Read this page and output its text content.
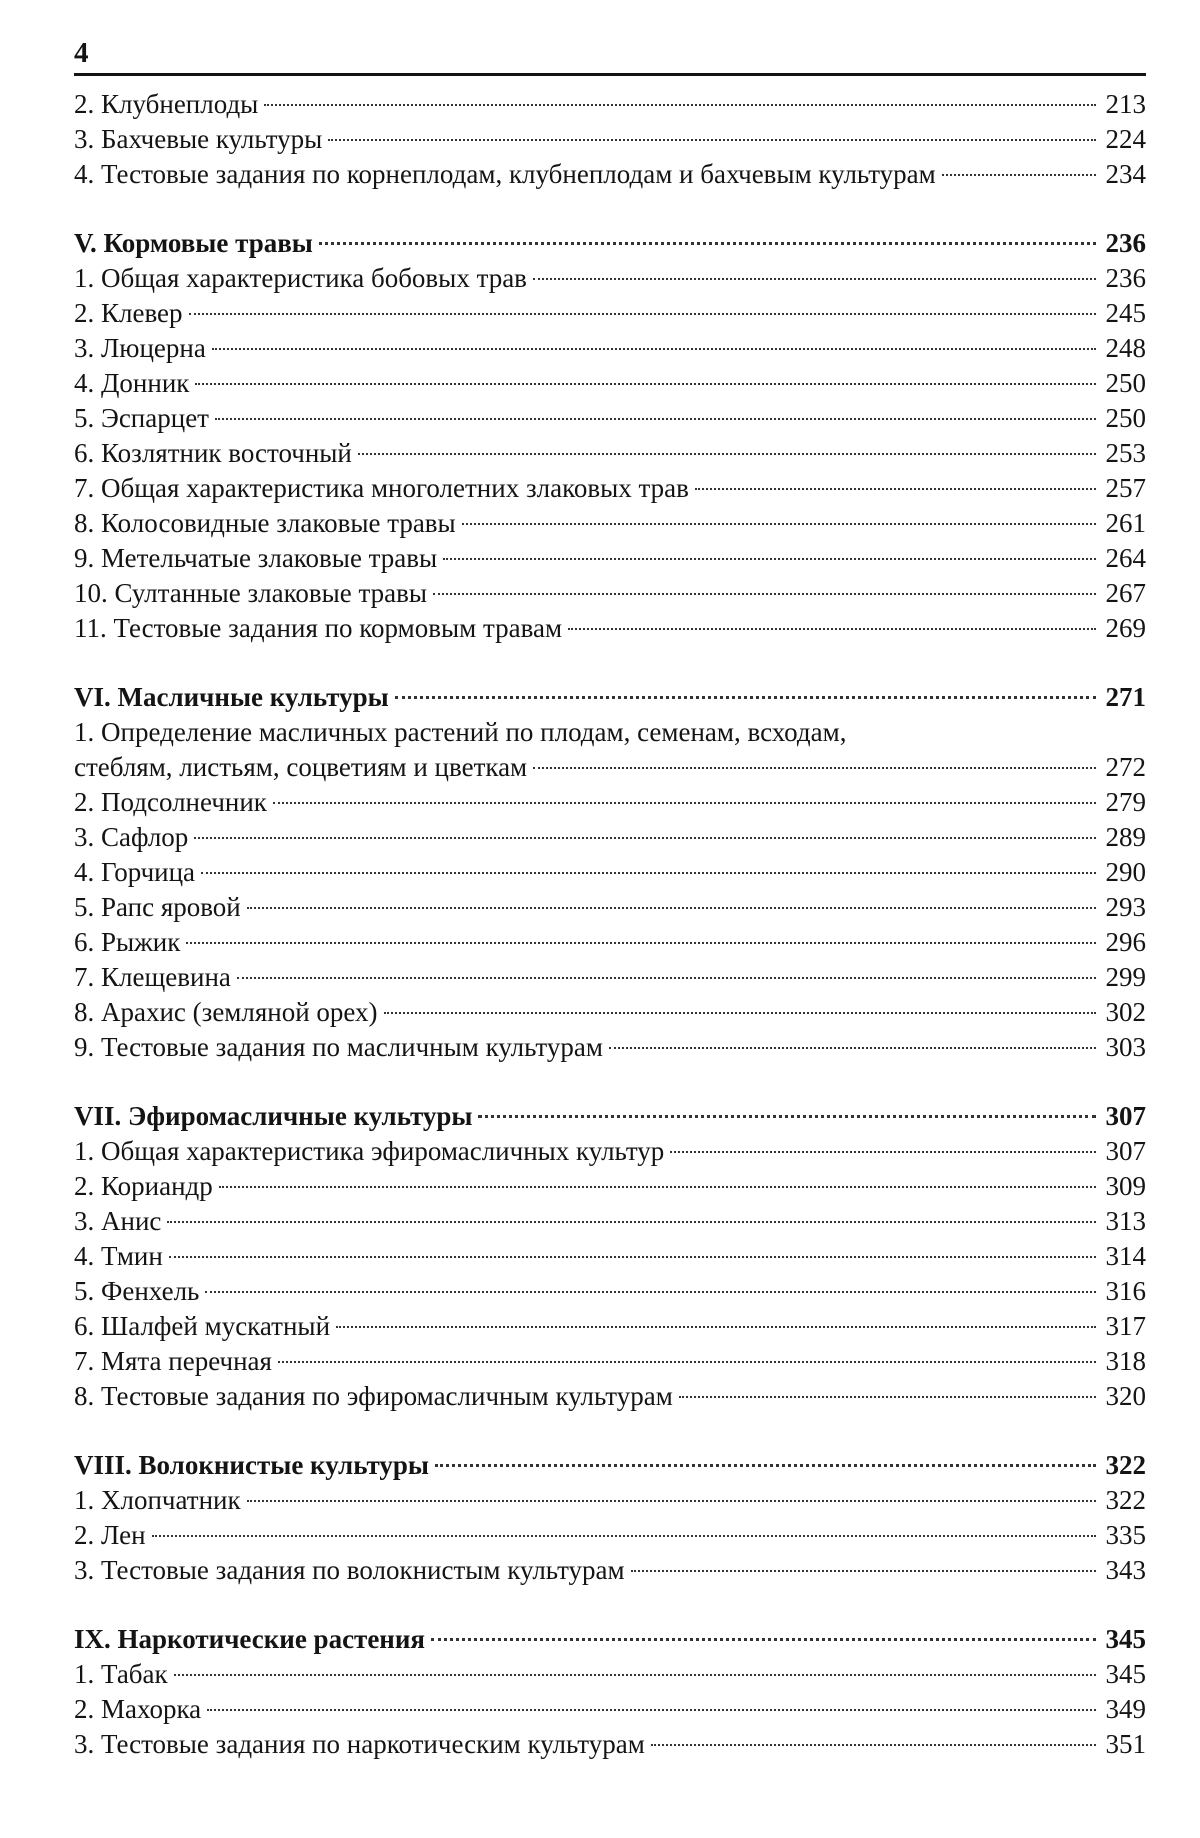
4
2. Клубнеплоды	213
3. Бахчевые культуры	224
4. Тестовые задания по корнеплодам, клубнеплодам и бахчевым культурам	234
V. Кормовые травы	236
1. Общая характеристика бобовых трав	236
2. Клевер	245
3. Люцерна	248
4. Донник	250
5. Эспарцет	250
6. Козлятник восточный	253
7. Общая характеристика многолетних злаковых трав	257
8. Колосовидные злаковые травы	261
9. Метельчатые злаковые травы	264
10. Султанные злаковые травы	267
11. Тестовые задания по кормовым травам	269
VI. Масличные культуры	271
1. Определение масличных растений по плодам, семенам, всходам,
стеблям, листьям, соцветиям и цветкам	272
2. Подсолнечник	279
3. Сафлор	289
4. Горчица	290
5. Рапс яровой	293
6. Рыжик	296
7. Клещевина	299
8. Арахис (земляной орех)	302
9. Тестовые задания по масличным культурам	303
VII. Эфиромасличные культуры	307
1. Общая характеристика эфиромасличных культур	307
2. Кориандр	309
3. Анис	313
4. Тмин	314
5. Фенхель	316
6. Шалфей мускатный	317
7. Мята перечная	318
8. Тестовые задания по эфиромасличным культурам	320
VIII. Волокнистые культуры	322
1. Хлопчатник	322
2. Лен	335
3. Тестовые задания по волокнистым культурам	343
IX. Наркотические растения	345
1. Табак	345
2. Махорка	349
3. Тестовые задания по наркотическим культурам	351
